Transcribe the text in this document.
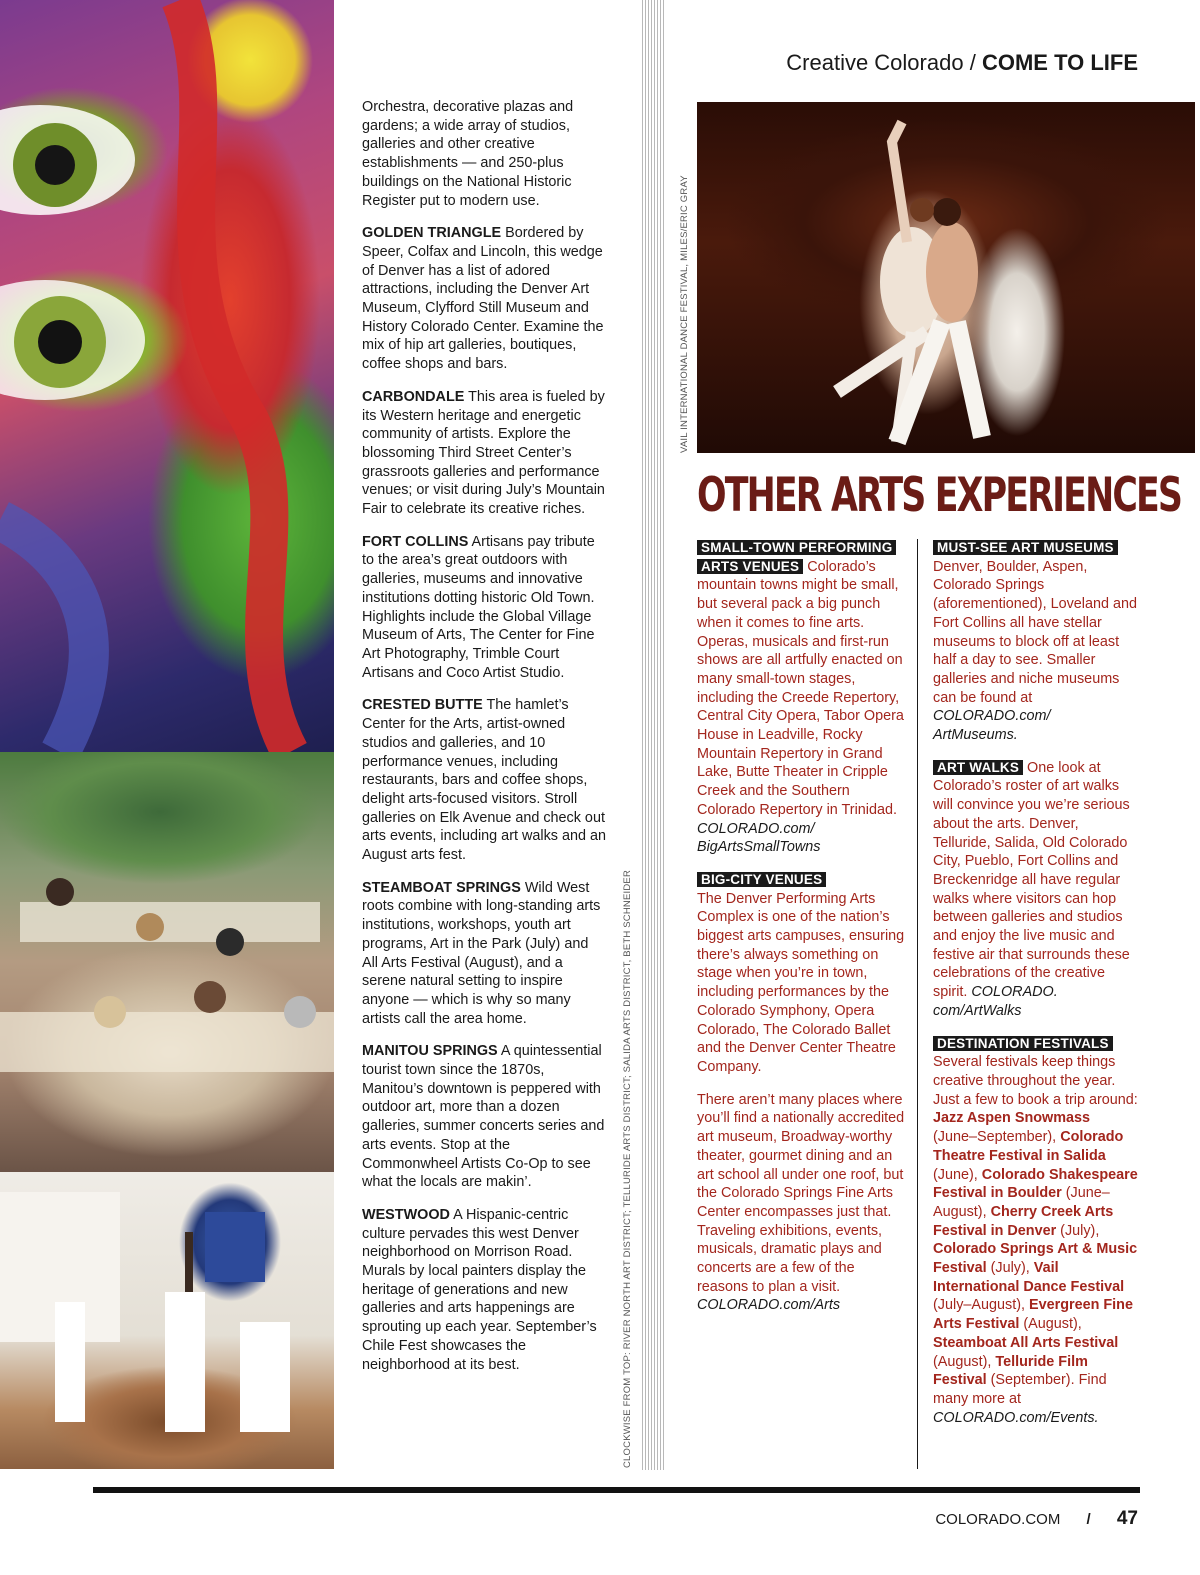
Orchestra, decorative plazas and gardens; a wide array of studios, galleries and other creative establishments — and 250-plus buildings on the National Historic Register put to modern use.

GOLDEN TRIANGLE Bordered by Speer, Colfax and Lincoln, this wedge of Denver has a list of adored attractions, including the Denver Art Museum, Clyfford Still Museum and History Colorado Center. Examine the mix of hip art galleries, boutiques, coffee shops and bars.

CARBONDALE This area is fueled by its Western heritage and energetic community of artists. Explore the blossoming Third Street Center’s grassroots galleries and performance venues; or visit during July’s Mountain Fair to celebrate its creative riches.

FORT COLLINS Artisans pay tribute to the area’s great outdoors with galleries, museums and innovative institutions dotting historic Old Town. Highlights include the Global Village Museum of Arts, The Center for Fine Art Photography, Trimble Court Artisans and Coco Artist Studio.

CRESTED BUTTE The hamlet’s Center for the Arts, artist-owned studios and galleries, and 10 performance venues, including restaurants, bars and coffee shops, delight arts-focused visitors. Stroll galleries on Elk Avenue and check out arts events, including art walks and an August arts fest.

STEAMBOAT SPRINGS Wild West roots combine with long-standing arts institutions, workshops, youth art programs, Art in the Park (July) and All Arts Festival (August), and a serene natural setting to inspire anyone — which is why so many artists call the area home.

MANITOU SPRINGS A quintessential tourist town since the 1870s, Manitou’s downtown is peppered with outdoor art, more than a dozen galleries, summer concerts series and arts events. Stop at the Commonwheel Artists Co-Op to see what the locals are makin’.

WESTWOOD A Hispanic-centric culture pervades this west Denver neighborhood on Morrison Road. Murals by local painters display the heritage of generations and new galleries and arts happenings are sprouting up each year. September’s Chile Fest showcases the neighborhood at its best.	CLOCKWISE FROM TOP: RIVER NORTH ART DISTRICT; TELLURIDE ARTS DISTRICT; SALIDA ARTS DISTRICT, BETH SCHNEIDER
VAIL INTERNATIONAL DANCE FESTIVAL, MILES/ERIC GRAY
Creative Colorado / COME TO LIFE
OTHER ARTS EXPERIENCES

SMALL-TOWN PERFORMING
ARTS VENUES Colorado’s mountain towns might be small, but several pack a big punch when it comes to fine arts. Operas, musicals and first-run shows are all artfully enacted on many small-town stages, including the Creede Repertory, Central City Opera, Tabor Opera House in Leadville, Rocky Mountain Repertory in Grand Lake, Butte Theater in Cripple Creek and the Southern Colorado Repertory in Trinidad. COLORADO.com/ BigArtsSmallTowns

BIG-CITY VENUES
The Denver Performing Arts Complex is one of the nation’s biggest arts campuses, ensuring there’s always something on stage when you’re in town, including performances by the Colorado Symphony, Opera Colorado, The Colorado Ballet and the Denver Center Theatre Company.

There aren’t many places where you’ll find a nationally accredited art museum, Broadway-worthy theater, gourmet dining and an art school all under one roof, but the Colorado Springs Fine Arts Center encompasses just that. Traveling exhibitions, events, musicals, dramatic plays and concerts are a few of the reasons to plan a visit. COLORADO.com/Arts

MUST-SEE ART MUSEUMS
Denver, Boulder, Aspen, Colorado Springs (aforementioned), Loveland and Fort Collins all have stellar museums to block off at least half a day to see. Smaller galleries and niche museums can be found at COLORADO.com/ ArtMuseums.

ART WALKS One look at Colorado’s roster of art walks will convince you we’re serious about the arts. Denver, Telluride, Salida, Old Colorado City, Pueblo, Fort Collins and Breckenridge all have regular walks where visitors can hop between galleries and studios and enjoy the live music and festive air that surrounds these celebrations of the creative spirit. COLORADO. com/ArtWalks

DESTINATION FESTIVALS
Several festivals keep things creative throughout the year. Just a few to book a trip around: Jazz Aspen Snowmass (June–September), Colorado Theatre Festival in Salida (June), Colorado Shakespeare Festival in Boulder (June–August), Cherry Creek Arts Festival in Denver (July), Colorado Springs Art & Music Festival (July), Vail International Dance Festival (July–August), Evergreen Fine Arts Festival (August), Steamboat All Arts Festival (August), Telluride Film Festival (September). Find many more at COLORADO.com/Events.

COLORADO.COM / 47
